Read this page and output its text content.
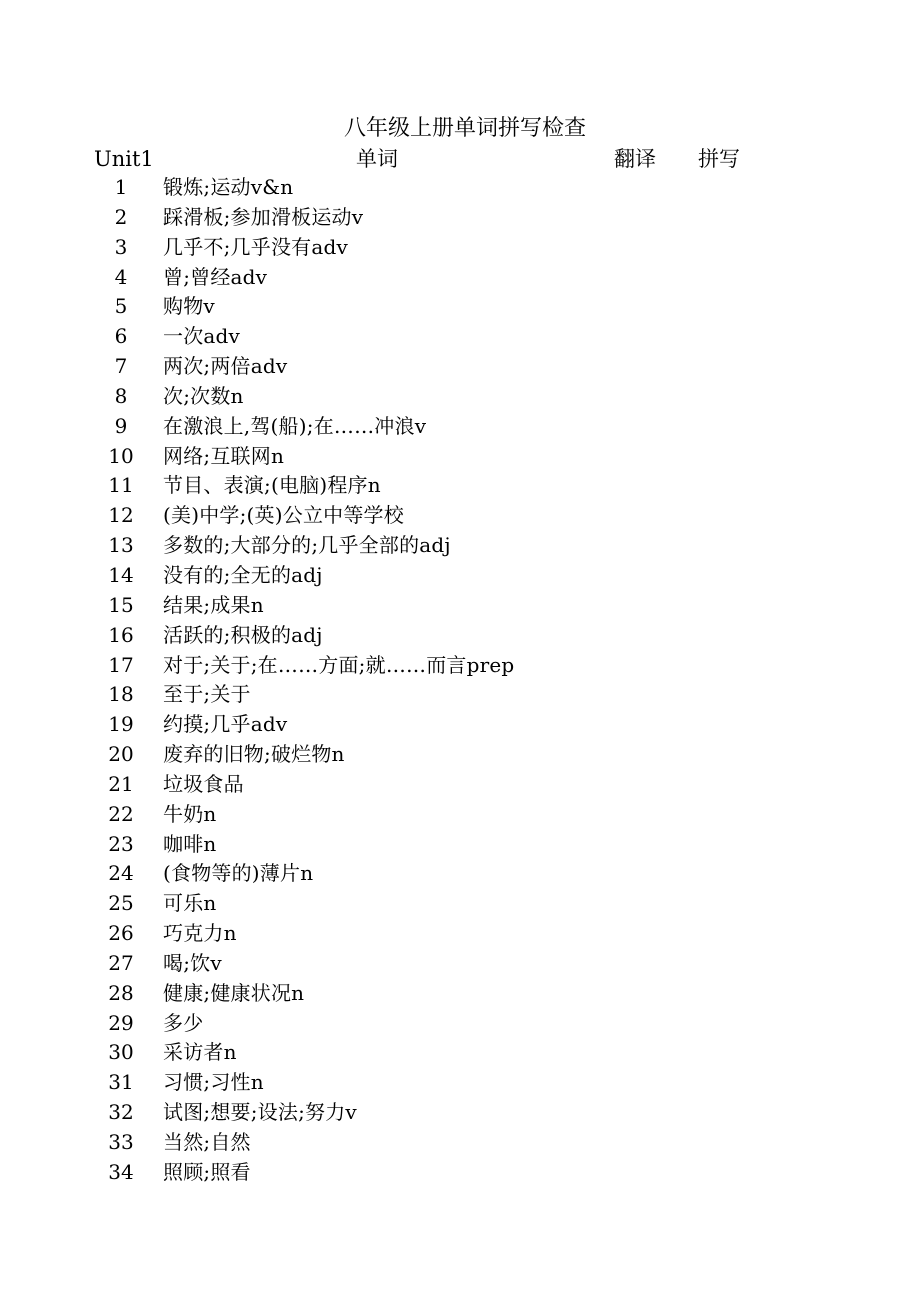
八年级上册单词拼写检查
Unit1	单词	翻译 拼写
1	锻炼;运动v&n
2	踩滑板;参加滑板运动v
3	几乎不;几乎没有adv
4	曾;曾经adv
5	购物v
6	一次adv
7	两次;两倍adv
8	次;次数n
9	在激浪上,驾(船);在……冲浪v
10	网络;互联网n
11	节目、表演;(电脑)程序n
12	(美)中学;(英)公立中等学校
13	多数的;大部分的;几乎全部的adj
14	没有的;全无的adj
15	结果;成果n
16	活跃的;积极的adj
17	对于;关于;在……方面;就……而言prep
18	至于;关于
19	约摸;几乎adv
20	废弃的旧物;破烂物n
21	垃圾食品
22	牛奶n
23	咖啡n
24	(食物等的)薄片n
25	可乐n
26	巧克力n
27	喝;饮v
28	健康;健康状况n
29	多少
30	采访者n
31	习惯;习性n
32	试图;想要;设法;努力v
33	当然;自然
34	照顾;照看
